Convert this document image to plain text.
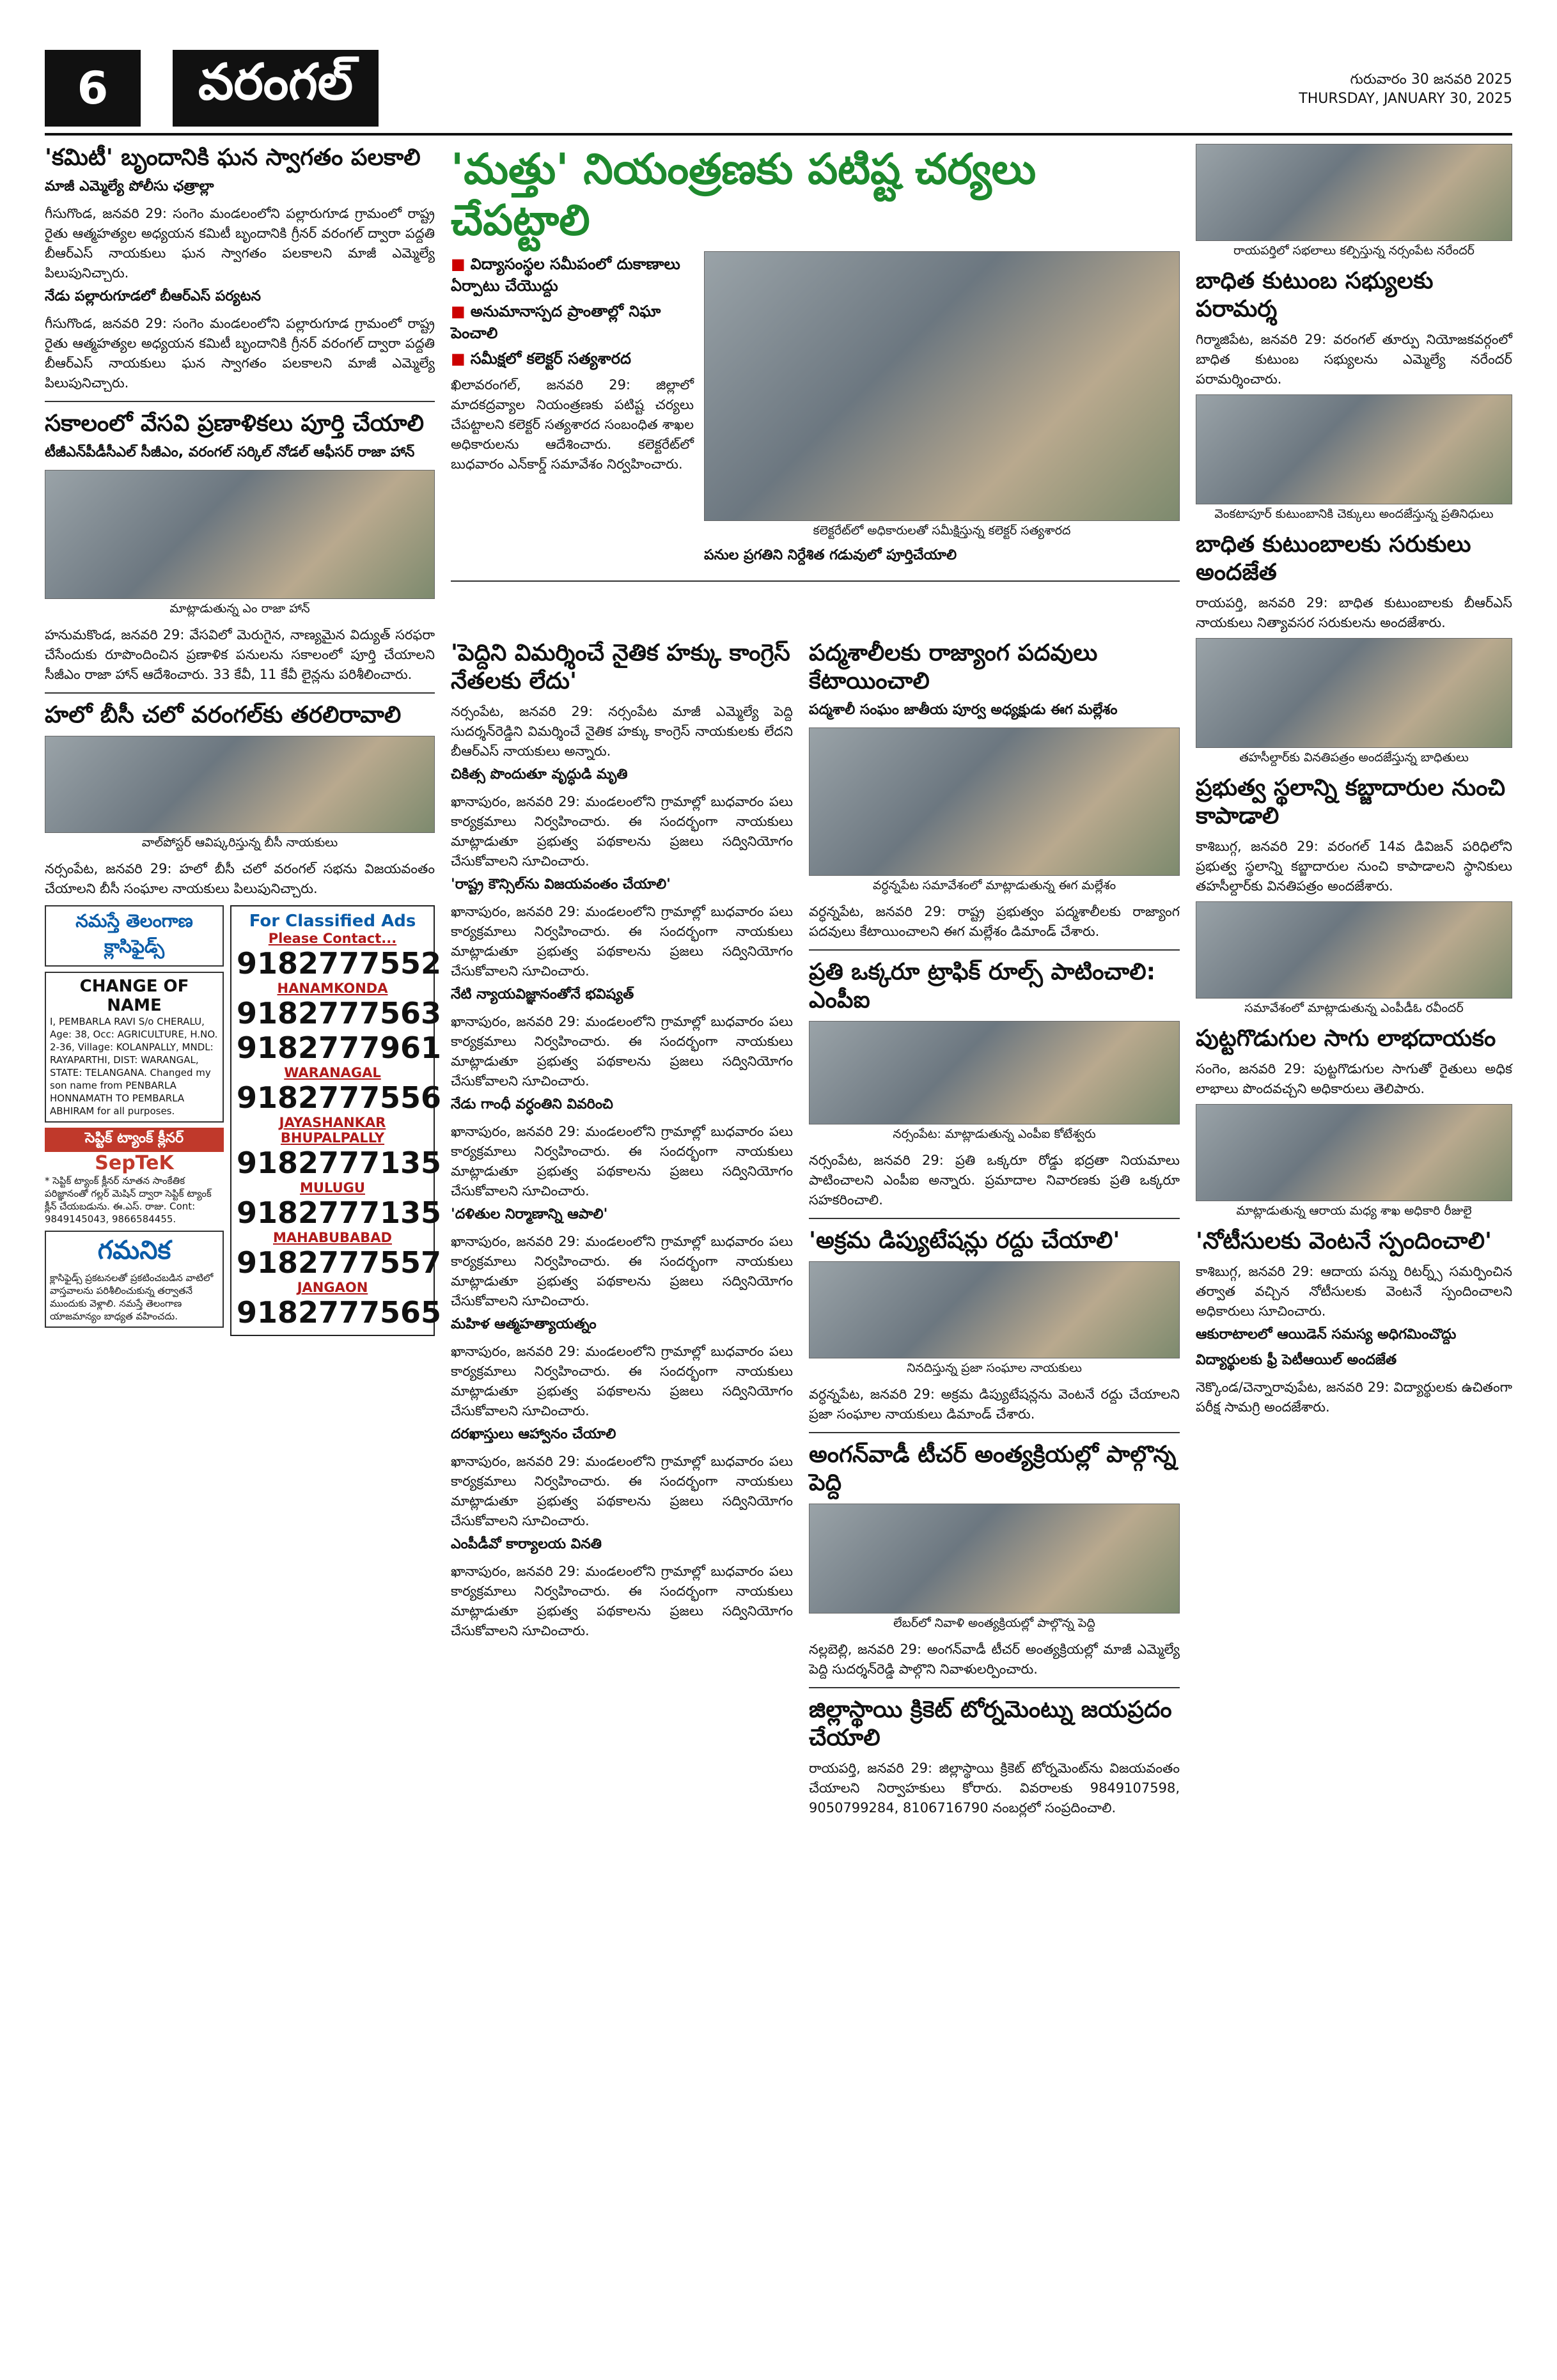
6	వరంగల్	గురువారం 30 జనవరి 2025
THURSDAY, JANUARY 30, 2025
'మత్తు' నియంత్రణకు పటిష్ట చర్యలు చేపట్టాలి
■ విద్యాసంస్థల సమీపంలో దుకాణాలు ఏర్పాటు చేయొద్దు
■ అనుమానాస్పద ప్రాంతాల్లో నిఘా పెంచాలి
■ సమీక్షలో కలెక్టర్ సత్యశారద

ఖిలావరంగల్, జనవరి 29: జిల్లాలో మాదకద్రవ్యాల నియంత్రణకు పటిష్ట చర్యలు చేపట్టాలని కలెక్టర్ సత్యశారద సంబంధిత శాఖల అధికారులను ఆదేశించారు. కలెక్టరేట్‌లో బుధవారం ఎన్‌కార్డ్ సమావేశం నిర్వహించారు.

కలెక్టరేట్‌లో అధికారులతో సమీక్షిస్తున్న కలెక్టర్ సత్యశారద
పనుల ప్రగతిని నిర్దేశిత గడువులో పూర్తిచేయాలి
'కమిటీ' బృందానికి ఘన స్వాగతం పలకాలి
మాజీ ఎమ్మెల్యే పోలీసు ఛత్రాల్లా

గీసుగొండ, జనవరి 29: సంగెం మండలంలోని పల్లారుగూడ గ్రామంలో రాష్ట్ర రైతు ఆత్మహత్యల అధ్యయన కమిటీ బృందానికి గ్రీనర్ వరంగల్ ద్వారా పద్దతి బీఆర్‌ఎస్ నాయకులు ఘన స్వాగతం పలకాలని మాజీ ఎమ్మెల్యే పిలుపునిచ్చారు.

నేడు పల్లారుగూడలో బీఆర్‌ఎస్ పర్యటన

గీసుగొండ, జనవరి 29: సంగెం మండలంలోని పల్లారుగూడ గ్రామంలో రాష్ట్ర రైతు ఆత్మహత్యల అధ్యయన కమిటీ బృందానికి గ్రీనర్ వరంగల్ ద్వారా పద్దతి బీఆర్‌ఎస్ నాయకులు ఘన స్వాగతం పలకాలని మాజీ ఎమ్మెల్యే పిలుపునిచ్చారు.

సకాలంలో వేసవి ప్రణాళికలు పూర్తి చేయాలి
టీజీఎన్‌పీడీసీఎల్ సీజీఎం, వరంగల్ సర్కిల్ నోడల్ ఆఫీసర్ రాజా హాన్
మాట్లాడుతున్న ఎం రాజా హాన్

హనుమకొండ, జనవరి 29: వేసవిలో మెరుగైన, నాణ్యమైన విద్యుత్ సరఫరా చేసేందుకు రూపొందించిన ప్రణాళిక పనులను సకాలంలో పూర్తి చేయాలని సీజీఎం రాజా హాన్ ఆదేశించారు. 33 కేవీ, 11 కేవీ లైన్లను పరిశీలించారు.

హలో బీసీ చలో వరంగల్‌కు తరలిరావాలి
వాల్‌పోస్టర్ ఆవిష్కరిస్తున్న బీసీ నాయకులు

నర్సంపేట, జనవరి 29: హలో బీసీ చలో వరంగల్ సభను విజయవంతం చేయాలని బీసీ సంఘాల నాయకులు పిలుపునిచ్చారు.

నమస్తే తెలంగాణ క్లాసిఫైడ్స్
CHANGE OF NAME
I, PEMBARLA RAVI S/o CHERALU, Age: 38, Occ: AGRICULTURE, H.NO. 2-36, Village: KOLANPALLY, MNDL: RAYAPARTHI, DIST: WARANGAL, STATE: TELANGANA. Changed my son name from PENBARLA HONNAMATH TO PEMBARLA ABHIRAM for all purposes.
సెప్టిక్ ట్యాంక్ క్లీనర్
SepTeK
* సెప్టిక్ ట్యాంక్ క్లీనర్ నూతన సాంకేతిక పరిజ్ఞానంతో గల్లర్ మెషిన్ ద్వారా సెప్టిక్ ట్యాంక్ క్లీన్ చేయబడును. ఈ.ఎస్. రాజు. Cont: 9849145043, 9866584455.
గమనిక
క్లాసిఫైడ్స్ ప్రకటనలతో ప్రకటించబడిన వాటిలో వాస్తవాలను పరిశీలించుకున్న తర్వాతనే ముందుకు వెళ్లాలి. నమస్తే తెలంగాణ యాజమాన్యం బాధ్యత వహించదు.
For Classified Ads
Please Contact...
9182777552
HANAMKONDA
9182777563
9182777961
WARANAGAL
9182777556
JAYASHANKAR BHUPALPALLY
9182777135
MULUGU
9182777135
MAHABUBABAD
9182777557
JANGAON
9182777565
'పెద్దిని విమర్శించే నైతిక హక్కు కాంగ్రెస్ నేతలకు లేదు'

నర్సంపేట, జనవరి 29: నర్సంపేట మాజీ ఎమ్మెల్యే పెద్ది సుదర్శన్‌రెడ్డిని విమర్శించే నైతిక హక్కు కాంగ్రెస్ నాయకులకు లేదని బీఆర్‌ఎస్ నాయకులు అన్నారు.

చికిత్స పొందుతూ వృద్ధుడి మృతి

ఖానాపురం, జనవరి 29: మండలంలోని గ్రామాల్లో బుధవారం పలు కార్యక్రమాలు నిర్వహించారు. ఈ సందర్భంగా నాయకులు మాట్లాడుతూ ప్రభుత్వ పథకాలను ప్రజలు సద్వినియోగం చేసుకోవాలని సూచించారు.

'రాష్ట్ర కౌన్సిల్‌ను విజయవంతం చేయాలి'

ఖానాపురం, జనవరి 29: మండలంలోని గ్రామాల్లో బుధవారం పలు కార్యక్రమాలు నిర్వహించారు. ఈ సందర్భంగా నాయకులు మాట్లాడుతూ ప్రభుత్వ పథకాలను ప్రజలు సద్వినియోగం చేసుకోవాలని సూచించారు.

నేటి న్యాయవిజ్ఞానంతోనే భవిష్యత్

ఖానాపురం, జనవరి 29: మండలంలోని గ్రామాల్లో బుధవారం పలు కార్యక్రమాలు నిర్వహించారు. ఈ సందర్భంగా నాయకులు మాట్లాడుతూ ప్రభుత్వ పథకాలను ప్రజలు సద్వినియోగం చేసుకోవాలని సూచించారు.

నేడు గాంధీ వర్ధంతిని వివరించి

ఖానాపురం, జనవరి 29: మండలంలోని గ్రామాల్లో బుధవారం పలు కార్యక్రమాలు నిర్వహించారు. ఈ సందర్భంగా నాయకులు మాట్లాడుతూ ప్రభుత్వ పథకాలను ప్రజలు సద్వినియోగం చేసుకోవాలని సూచించారు.

'దళితుల నిర్మాణాన్ని ఆపాలి'

ఖానాపురం, జనవరి 29: మండలంలోని గ్రామాల్లో బుధవారం పలు కార్యక్రమాలు నిర్వహించారు. ఈ సందర్భంగా నాయకులు మాట్లాడుతూ ప్రభుత్వ పథకాలను ప్రజలు సద్వినియోగం చేసుకోవాలని సూచించారు.

మహిళ ఆత్మహత్యాయత్నం

ఖానాపురం, జనవరి 29: మండలంలోని గ్రామాల్లో బుధవారం పలు కార్యక్రమాలు నిర్వహించారు. ఈ సందర్భంగా నాయకులు మాట్లాడుతూ ప్రభుత్వ పథకాలను ప్రజలు సద్వినియోగం చేసుకోవాలని సూచించారు.

దరఖాస్తులు ఆహ్వానం చేయాలి

ఖానాపురం, జనవరి 29: మండలంలోని గ్రామాల్లో బుధవారం పలు కార్యక్రమాలు నిర్వహించారు. ఈ సందర్భంగా నాయకులు మాట్లాడుతూ ప్రభుత్వ పథకాలను ప్రజలు సద్వినియోగం చేసుకోవాలని సూచించారు.

ఎంపీడీవో కార్యాలయ వినతి

ఖానాపురం, జనవరి 29: మండలంలోని గ్రామాల్లో బుధవారం పలు కార్యక్రమాలు నిర్వహించారు. ఈ సందర్భంగా నాయకులు మాట్లాడుతూ ప్రభుత్వ పథకాలను ప్రజలు సద్వినియోగం చేసుకోవాలని సూచించారు.

పద్మశాలీలకు రాజ్యాంగ పదవులు కేటాయించాలి
పద్మశాలీ సంఘం జాతీయ పూర్వ అధ్యక్షుడు ఈగ మల్లేశం
వర్ధన్నపేట సమావేశంలో మాట్లాడుతున్న ఈగ మల్లేశం

వర్ధన్నపేట, జనవరి 29: రాష్ట్ర ప్రభుత్వం పద్మశాలీలకు రాజ్యాంగ పదవులు కేటాయించాలని ఈగ మల్లేశం డిమాండ్ చేశారు.

ప్రతి ఒక్కరూ ట్రాఫిక్ రూల్స్ పాటించాలి: ఎంపీఐ
నర్సంపేట: మాట్లాడుతున్న ఎంపీఐ కోటేశ్వరు

నర్సంపేట, జనవరి 29: ప్రతి ఒక్కరూ రోడ్డు భద్రతా నియమాలు పాటించాలని ఎంపీఐ అన్నారు. ప్రమాదాల నివారణకు ప్రతి ఒక్కరూ సహకరించాలి.

'అక్రమ డిప్యుటేషన్లు రద్దు చేయాలి'
నినదిస్తున్న ప్రజా సంఘాల నాయకులు

వర్ధన్నపేట, జనవరి 29: అక్రమ డిప్యుటేషన్లను వెంటనే రద్దు చేయాలని ప్రజా సంఘాల నాయకులు డిమాండ్ చేశారు.

అంగన్‌వాడీ టీచర్ అంత్యక్రియల్లో పాల్గొన్న పెద్ది
లేబర్‌లో నివాళి అంత్యక్రియల్లో పాల్గొన్న పెద్ది

నల్లబెల్లి, జనవరి 29: అంగన్‌వాడీ టీచర్ అంత్యక్రియల్లో మాజీ ఎమ్మెల్యే పెద్ది సుదర్శన్‌రెడ్డి పాల్గొని నివాళులర్పించారు.

జిల్లాస్థాయి క్రికెట్ టోర్నమెంట్ను జయప్రదం చేయాలి

రాయపర్తి, జనవరి 29: జిల్లాస్థాయి క్రికెట్ టోర్నమెంట్‌ను విజయవంతం చేయాలని నిర్వాహకులు కోరారు. వివరాలకు 9849107598, 9050799284, 8106716790 నంబర్లలో సంప్రదించాలి.

రాయపర్తిలో సభలాలు కల్పిస్తున్న నర్సంపేట నరేందర్
బాధిత కుటుంబ సభ్యులకు పరామర్శ

గిర్మాజిపేట, జనవరి 29: వరంగల్ తూర్పు నియోజకవర్గంలో బాధిత కుటుంబ సభ్యులను ఎమ్మెల్యే నరేందర్ పరామర్శించారు.

వెంకటాపూర్ కుటుంబానికి చెక్కులు అందజేస్తున్న ప్రతినిధులు
బాధిత కుటుంబాలకు సరుకులు అందజేత

రాయపర్తి, జనవరి 29: బాధిత కుటుంబాలకు బీఆర్‌ఎస్ నాయకులు నిత్యావసర సరుకులను అందజేశారు.

తహసీల్దార్‌కు వినతిపత్రం అందజేస్తున్న బాధితులు
ప్రభుత్వ స్థలాన్ని కబ్జాదారుల నుంచి కాపాడాలి

కాశిబుగ్గ, జనవరి 29: వరంగల్ 14వ డివిజన్ పరిధిలోని ప్రభుత్వ స్థలాన్ని కబ్జాదారుల నుంచి కాపాడాలని స్థానికులు తహసీల్దార్‌కు వినతిపత్రం అందజేశారు.

సమావేశంలో మాట్లాడుతున్న ఎంపీడీఓ రవీందర్
పుట్టగొడుగుల సాగు లాభదాయకం

సంగెం, జనవరి 29: పుట్టగొడుగుల సాగుతో రైతులు అధిక లాభాలు పొందవచ్చని అధికారులు తెలిపారు.

మాట్లాడుతున్న ఆరాయ మధ్య శాఖ అధికారి రీజులై
'నోటీసులకు వెంటనే స్పందించాలి'

కాశిబుగ్గ, జనవరి 29: ఆదాయ పన్ను రిటర్న్స్ సమర్పించిన తర్వాత వచ్చిన నోటీసులకు వెంటనే స్పందించాలని అధికారులు సూచించారు.

ఆకురాటాలలో ఆయిడెన్ సమస్య అధిగమించొద్దు
విద్యార్థులకు ఫ్రీ పెటీఆయిల్ అందజేత

నెక్కొండ/చెన్నారావుపేట, జనవరి 29: విద్యార్థులకు ఉచితంగా పరీక్ష సామగ్రి అందజేశారు.
